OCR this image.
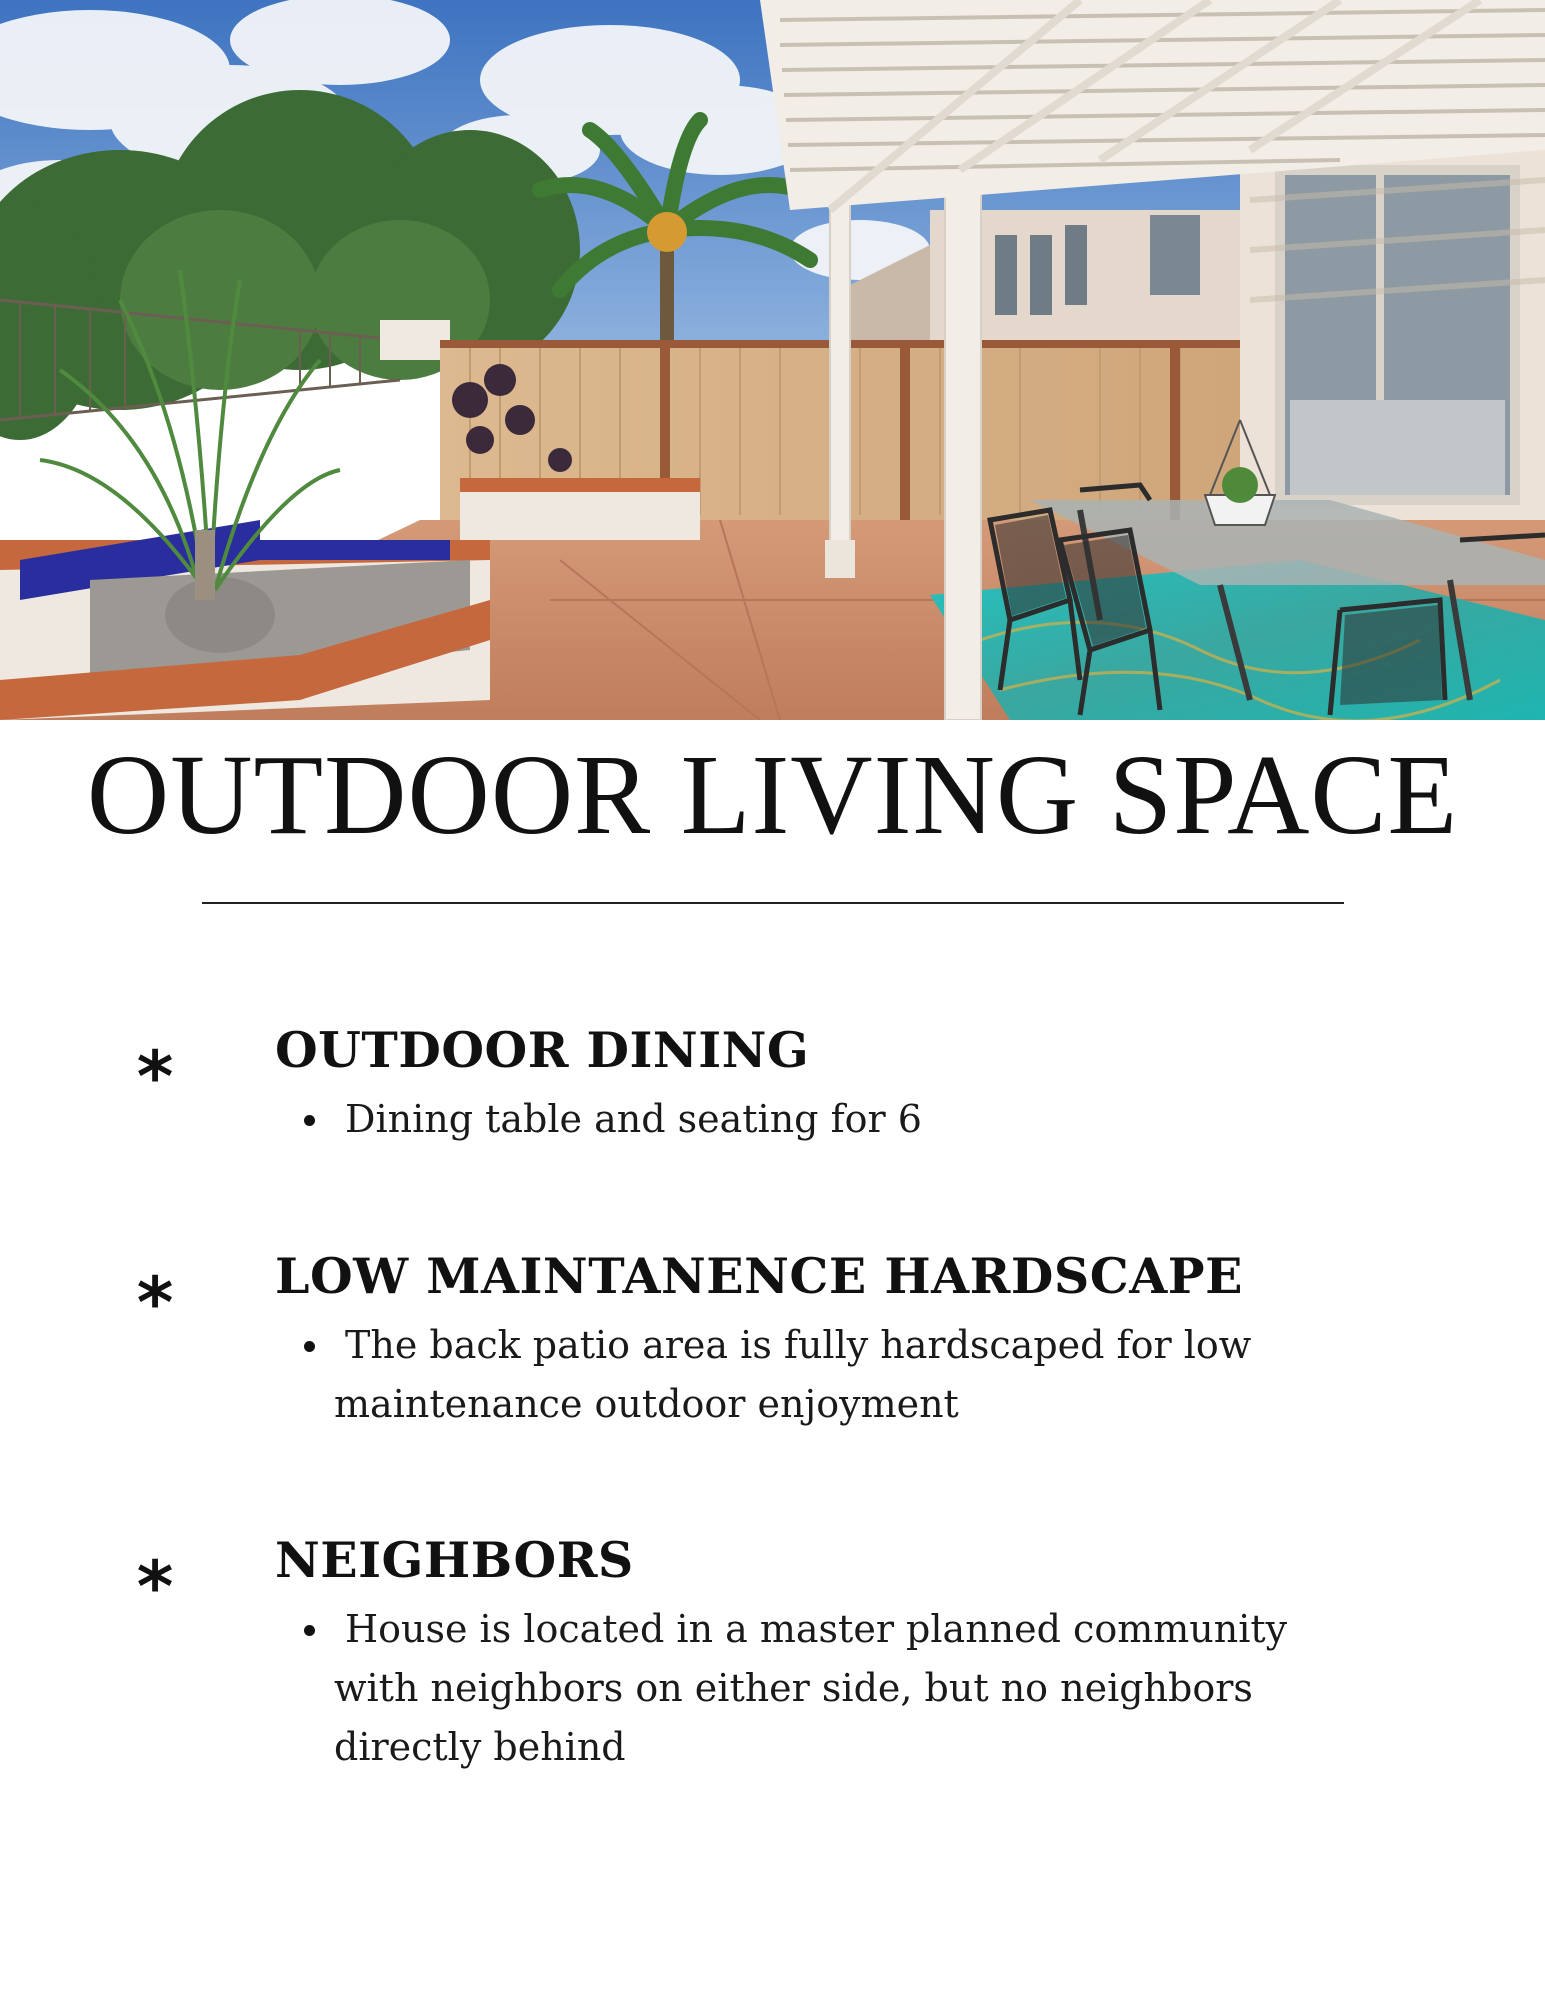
OUTDOOR LIVING SPACE
* OUTDOOR DINING
Dining table and seating for 6
* LOW MAINTANENCE HARDSCAPE
The back patio area is fully hardscaped for low maintenance outdoor enjoyment
* NEIGHBORS
House is located in a master planned community with neighbors on either side, but no neighbors directly behind
